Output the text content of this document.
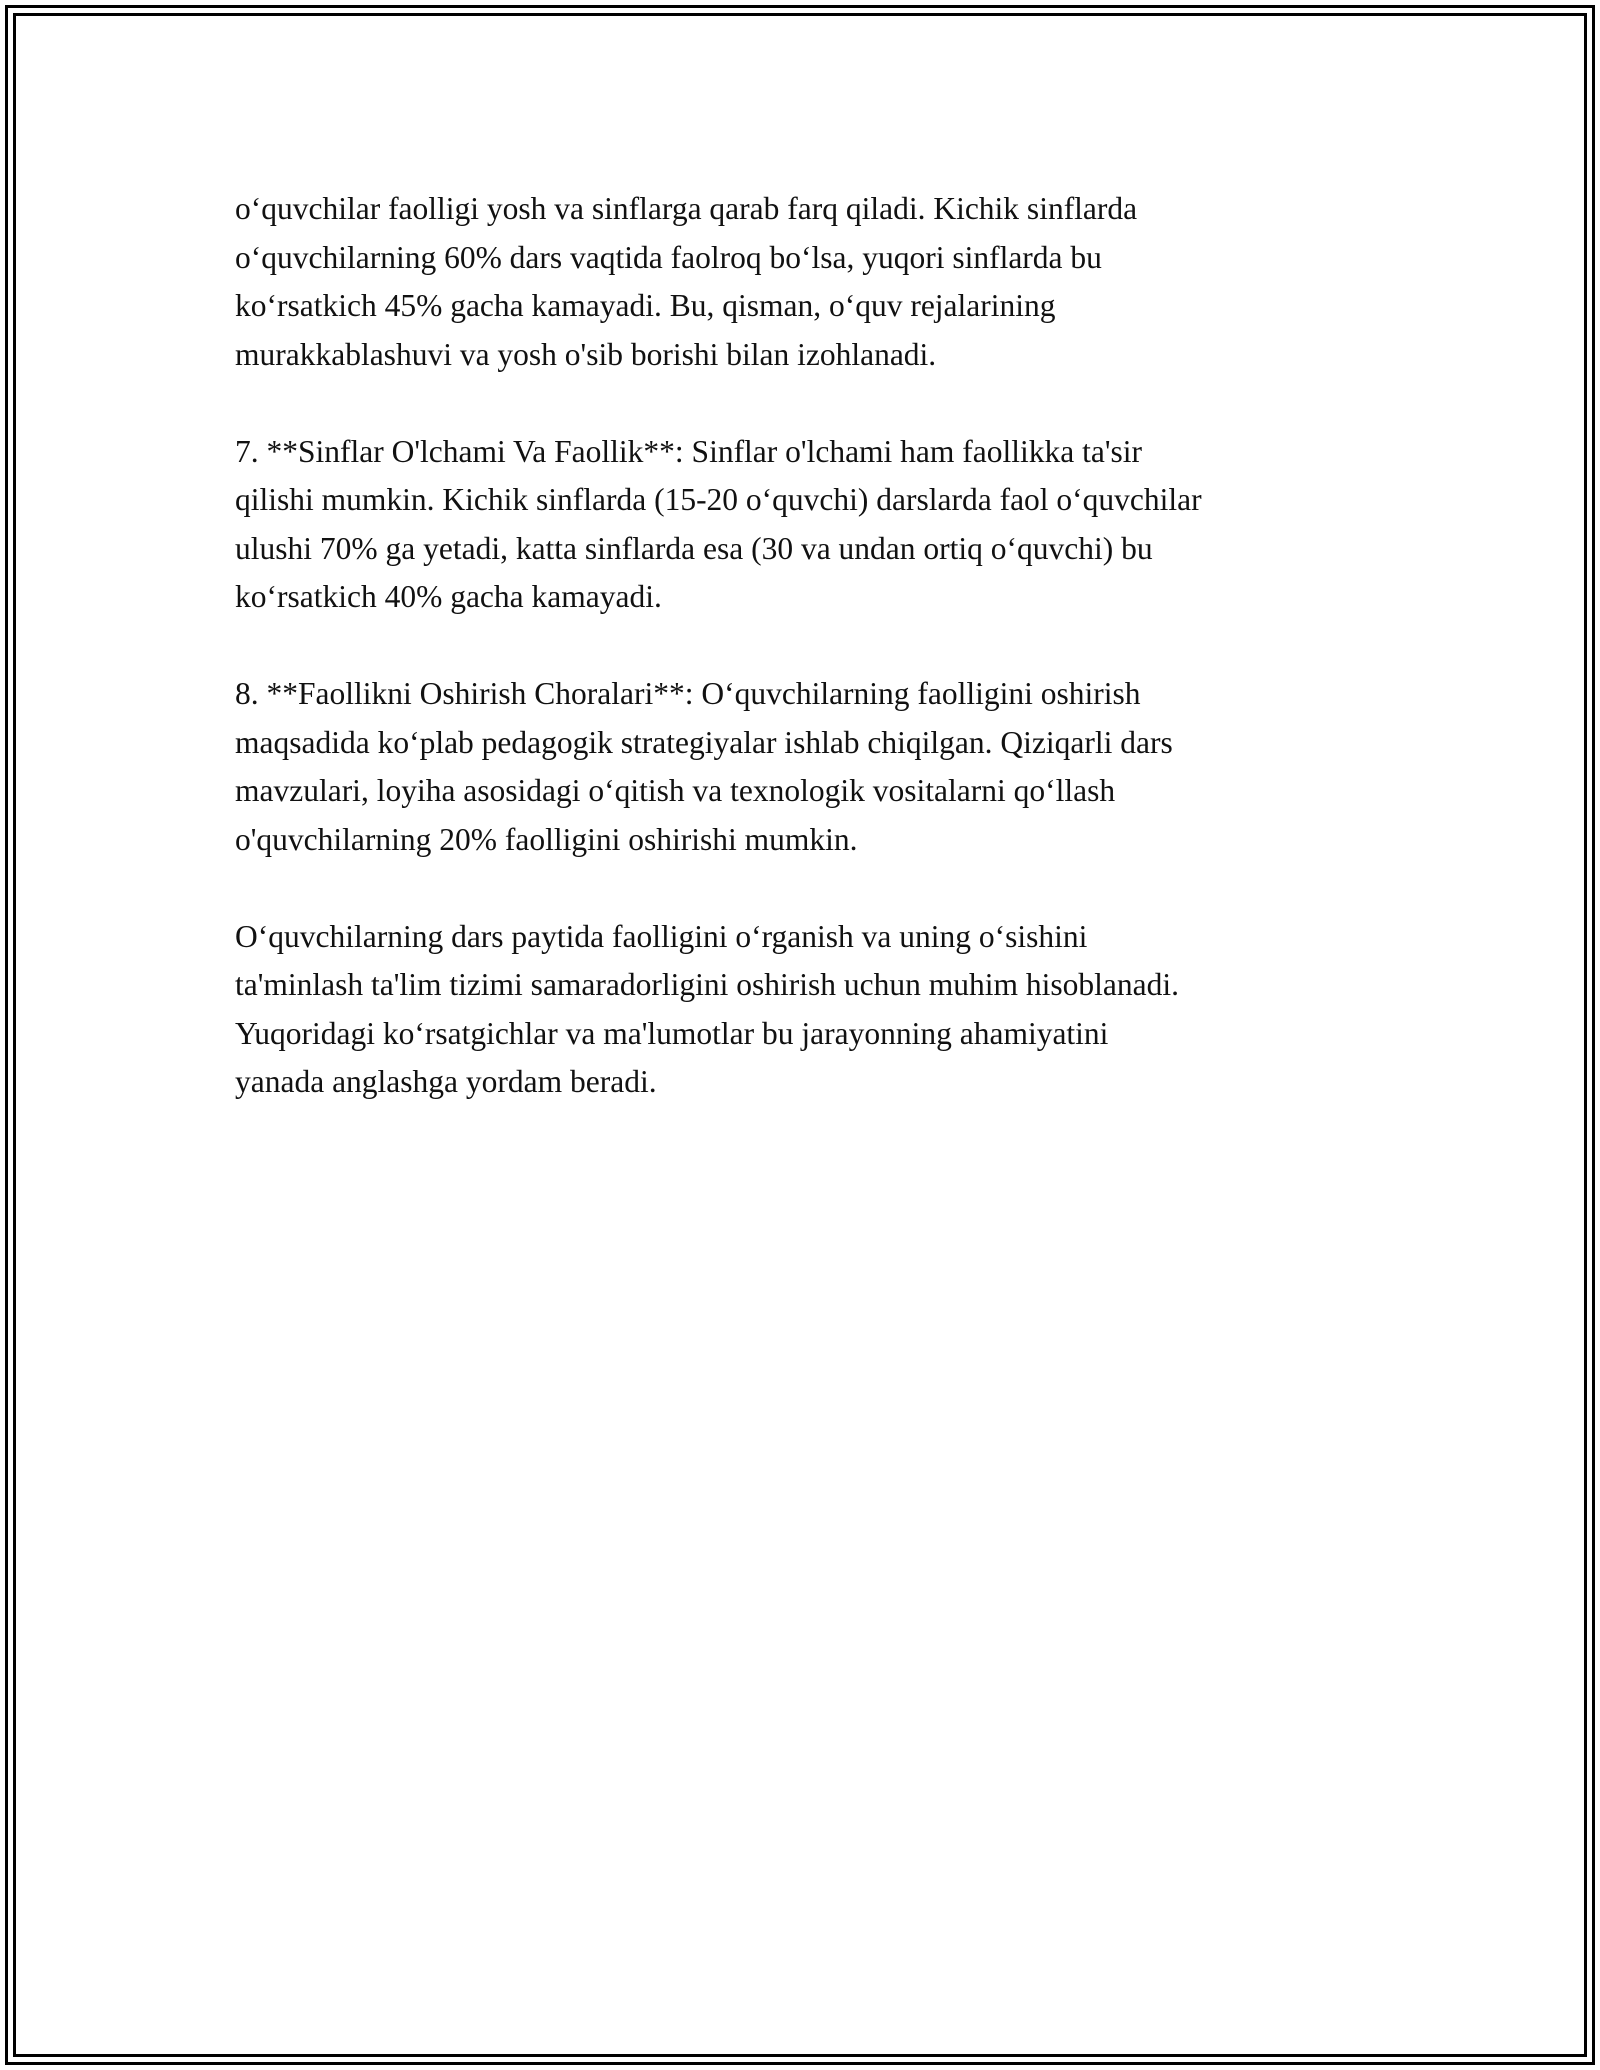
o‘quvchilar faolligi yosh va sinflarga qarab farq qiladi. Kichik sinflarda
o‘quvchilarning 60% dars vaqtida faolroq bo‘lsa, yuqori sinflarda bu
ko‘rsatkich 45% gacha kamayadi. Bu, qisman, o‘quv rejalarining
murakkablashuvi va yosh o'sib borishi bilan izohlanadi.

7. **Sinflar O'lchami Va Faollik**: Sinflar o'lchami ham faollikka ta'sir
qilishi mumkin. Kichik sinflarda (15-20 o‘quvchi) darslarda faol o‘quvchilar
ulushi 70% ga yetadi, katta sinflarda esa (30 va undan ortiq o‘quvchi) bu
ko‘rsatkich 40% gacha kamayadi.

8. **Faollikni Oshirish Choralari**: O‘quvchilarning faolligini oshirish
maqsadida ko‘plab pedagogik strategiyalar ishlab chiqilgan. Qiziqarli dars
mavzulari, loyiha asosidagi o‘qitish va texnologik vositalarni qo‘llash
o'quvchilarning 20% faolligini oshirishi mumkin.

O‘quvchilarning dars paytida faolligini o‘rganish va uning o‘sishini
ta'minlash ta'lim tizimi samaradorligini oshirish uchun muhim hisoblanadi.
Yuqoridagi ko‘rsatgichlar va ma'lumotlar bu jarayonning ahamiyatini
yanada anglashga yordam beradi.
